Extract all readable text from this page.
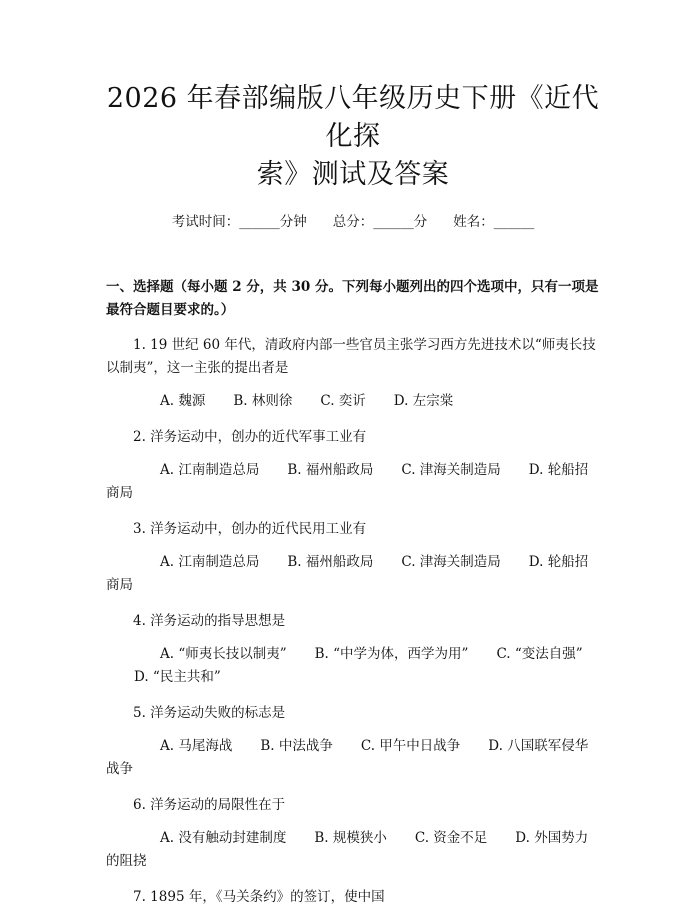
2026 年春部编版八年级历史下册《近代化探
索》测试及答案
考试时间：______分钟 总分：______分 姓名：______
一、选择题（每小题 2 分，共 30 分。下列每小题列出的四个选项中，只有一项是最符合题目要求的。）

1. 19 世纪 60 年代，清政府内部一些官员主张学习西方先进技术以“师夷长技以制夷”，这一主张的提出者是

A. 魏源 B. 林则徐 C. 奕䜣 D. 左宗棠

2. 洋务运动中，创办的近代军事工业有

A. 江南制造总局 B. 福州船政局 C. 津海关制造局 D. 轮船招商局

3. 洋务运动中，创办的近代民用工业有

A. 江南制造总局 B. 福州船政局 C. 津海关制造局 D. 轮船招商局

4. 洋务运动的指导思想是

A. “师夷长技以制夷” B. “中学为体，西学为用” C. “变法自强”D. “民主共和”

5. 洋务运动失败的标志是

A. 马尾海战 B. 中法战争 C. 甲午中日战争 D. 八国联军侵华战争

6. 洋务运动的局限性在于

A. 没有触动封建制度 B. 规模狭小 C. 资金不足 D. 外国势力的阻挠

7. 1895 年，《马关条约》的签订，使中国
